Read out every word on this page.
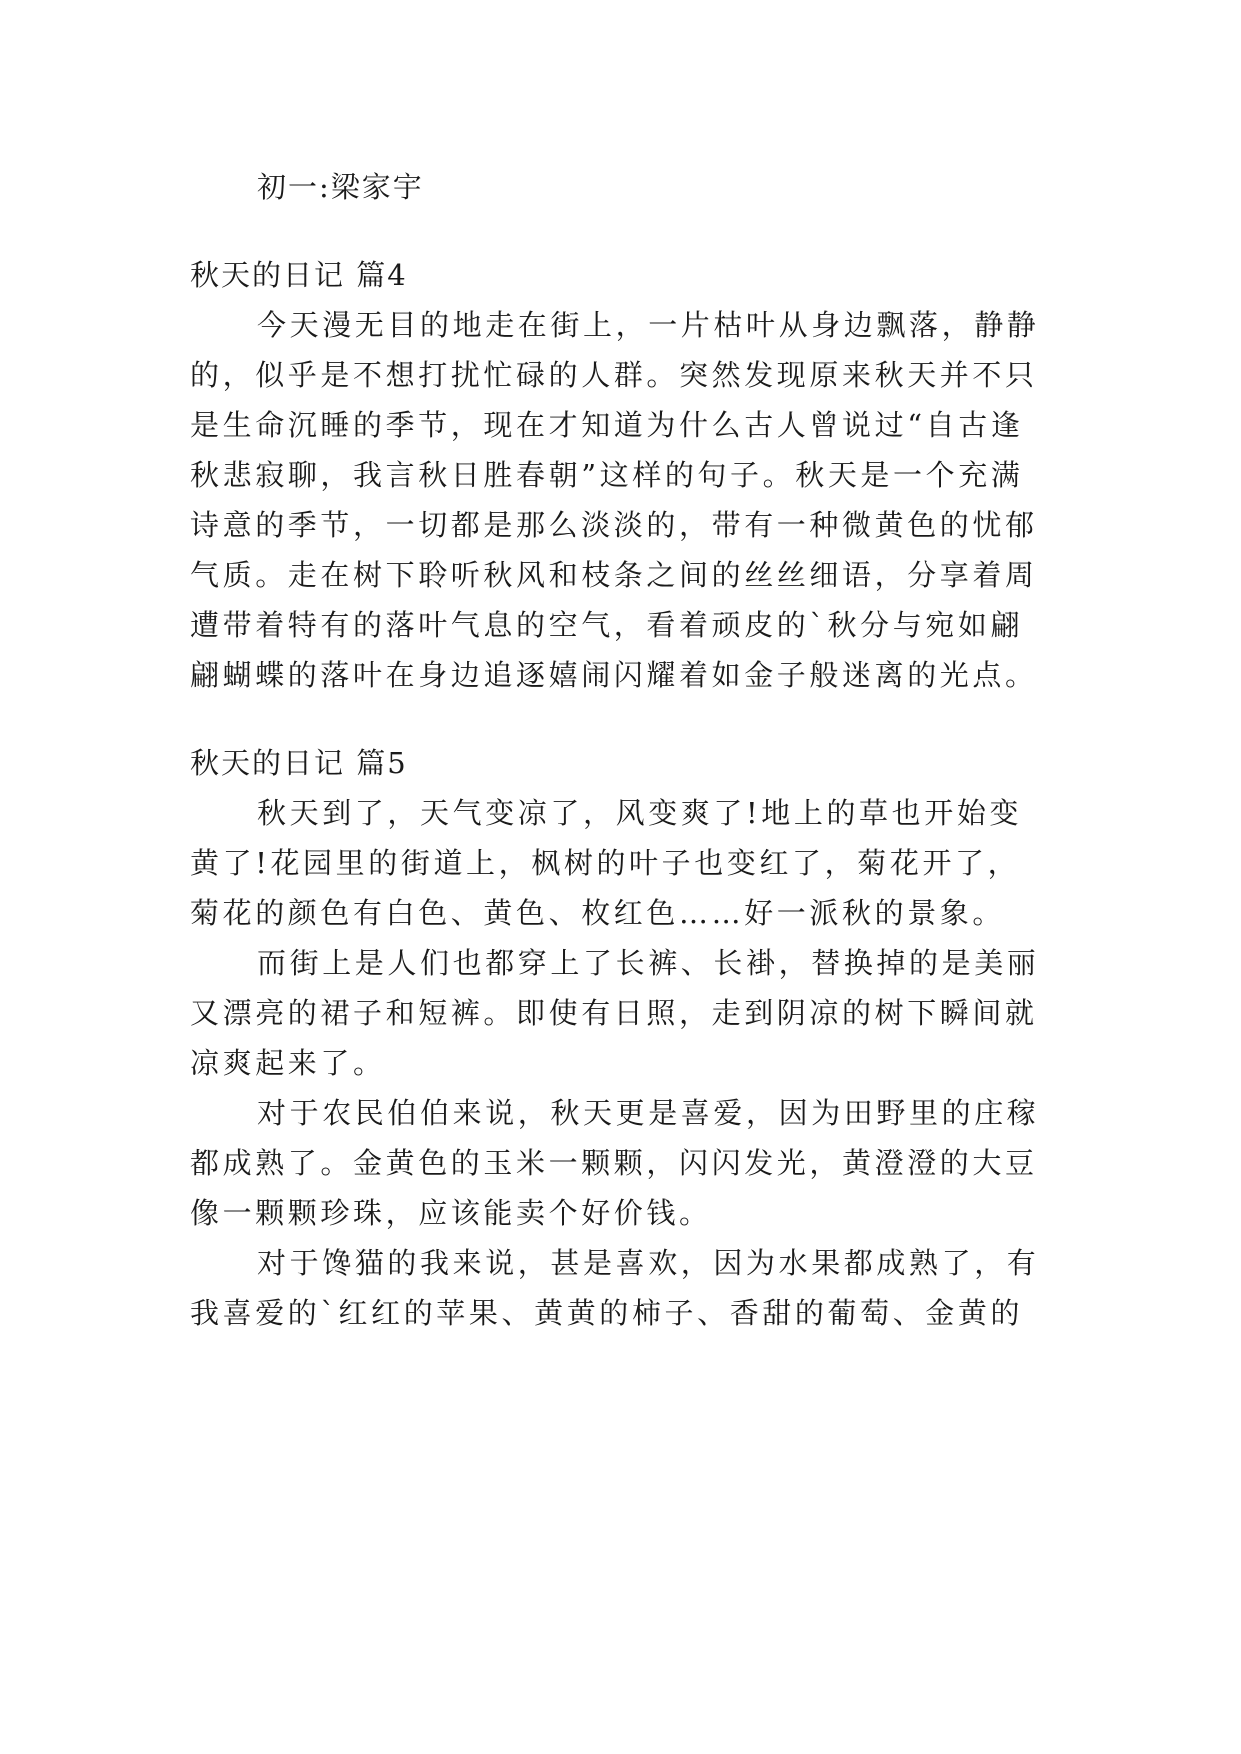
初一:梁家宇
秋天的日记 篇4
今天漫无目的地走在街上，一片枯叶从身边飘落，静静
的，似乎是不想打扰忙碌的人群。突然发现原来秋天并不只
是生命沉睡的季节，现在才知道为什么古人曾说过“自古逢
秋悲寂聊，我言秋日胜春朝”这样的句子。秋天是一个充满
诗意的季节，一切都是那么淡淡的，带有一种微黄色的忧郁
气质。走在树下聆听秋风和枝条之间的丝丝细语，分享着周
遭带着特有的落叶气息的空气，看着顽皮的`秋分与宛如翩
翩蝴蝶的落叶在身边追逐嬉闹闪耀着如金子般迷离的光点。
秋天的日记 篇5
秋天到了，天气变凉了，风变爽了!地上的草也开始变
黄了!花园里的街道上，枫树的叶子也变红了，菊花开了，
菊花的颜色有白色、黄色、枚红色……好一派秋的景象。
而街上是人们也都穿上了长裤、长褂，替换掉的是美丽
又漂亮的裙子和短裤。即使有日照，走到阴凉的树下瞬间就
凉爽起来了。
对于农民伯伯来说，秋天更是喜爱，因为田野里的庄稼
都成熟了。金黄色的玉米一颗颗，闪闪发光，黄澄澄的大豆
像一颗颗珍珠，应该能卖个好价钱。
对于馋猫的我来说，甚是喜欢，因为水果都成熟了，有
我喜爱的`红红的苹果、黄黄的柿子、香甜的葡萄、金黄的
